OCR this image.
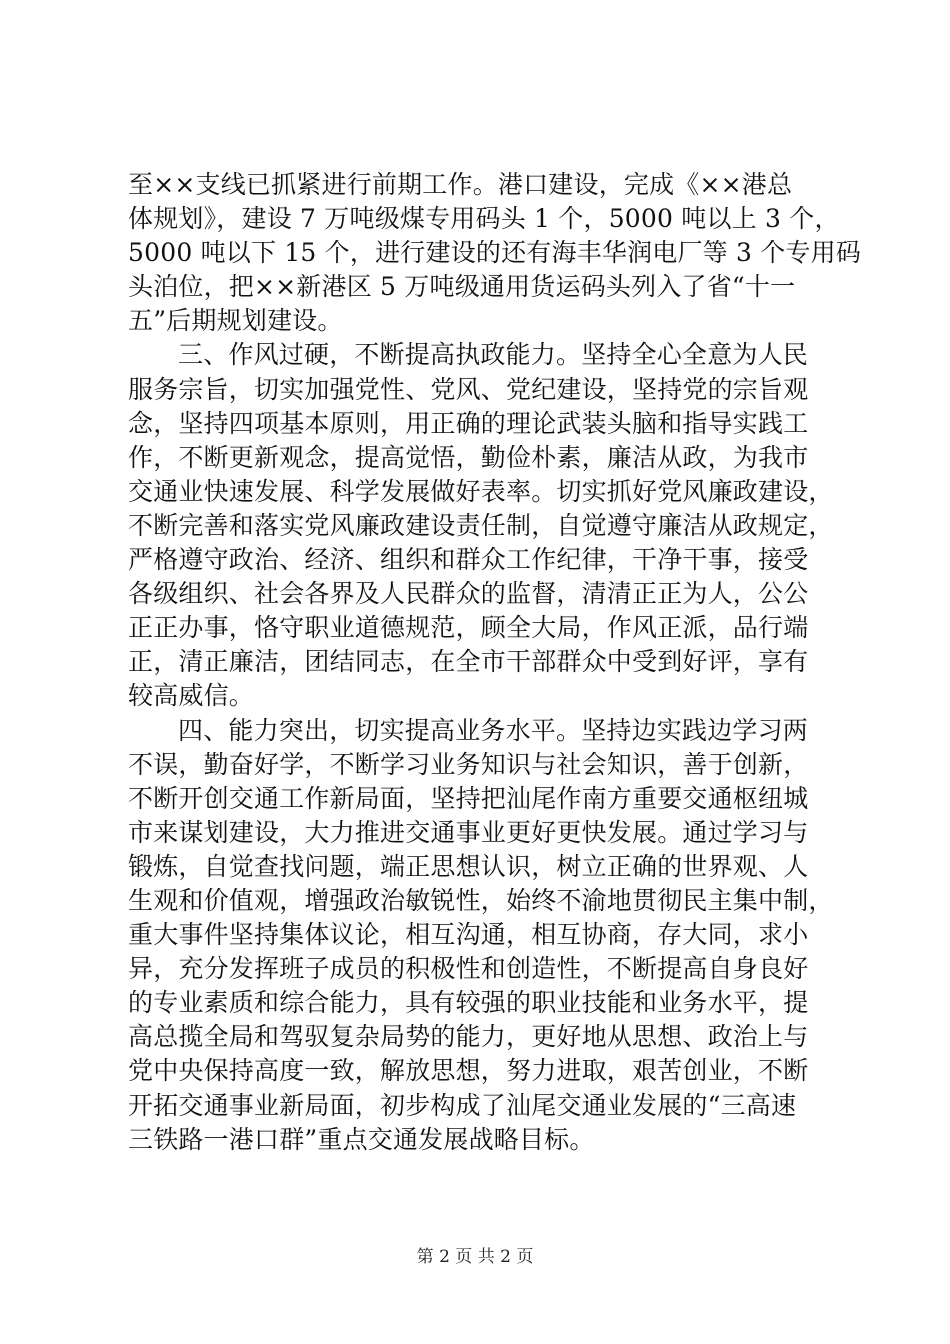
至××支线已抓紧进行前期工作。港口建设，完成《××港总
体规划》，建设 7 万吨级煤专用码头 1 个，5000 吨以上 3 个，
5000 吨以下 15 个，进行建设的还有海丰华润电厂等 3 个专用码
头泊位，把××新港区 5 万吨级通用货运码头列入了省“十一
五”后期规划建设。
三、作风过硬，不断提高执政能力。坚持全心全意为人民
服务宗旨，切实加强党性、党风、党纪建设，坚持党的宗旨观
念，坚持四项基本原则，用正确的理论武装头脑和指导实践工
作，不断更新观念，提高觉悟，勤俭朴素，廉洁从政，为我市
交通业快速发展、科学发展做好表率。切实抓好党风廉政建设，
不断完善和落实党风廉政建设责任制，自觉遵守廉洁从政规定，
严格遵守政治、经济、组织和群众工作纪律，干净干事，接受
各级组织、社会各界及人民群众的监督，清清正正为人，公公
正正办事，恪守职业道德规范，顾全大局，作风正派，品行端
正，清正廉洁，团结同志，在全市干部群众中受到好评，享有
较高威信。
四、能力突出，切实提高业务水平。坚持边实践边学习两
不误，勤奋好学，不断学习业务知识与社会知识，善于创新，
不断开创交通工作新局面，坚持把汕尾作南方重要交通枢纽城
市来谋划建设，大力推进交通事业更好更快发展。通过学习与
锻炼，自觉查找问题，端正思想认识，树立正确的世界观、人
生观和价值观，增强政治敏锐性，始终不渝地贯彻民主集中制，
重大事件坚持集体议论，相互沟通，相互协商，存大同，求小
异，充分发挥班子成员的积极性和创造性，不断提高自身良好
的专业素质和综合能力，具有较强的职业技能和业务水平，提
高总揽全局和驾驭复杂局势的能力，更好地从思想、政治上与
党中央保持高度一致，解放思想，努力进取，艰苦创业，不断
开拓交通事业新局面，初步构成了汕尾交通业发展的“三高速
三铁路一港口群”重点交通发展战略目标。
第 2 页 共 2 页
